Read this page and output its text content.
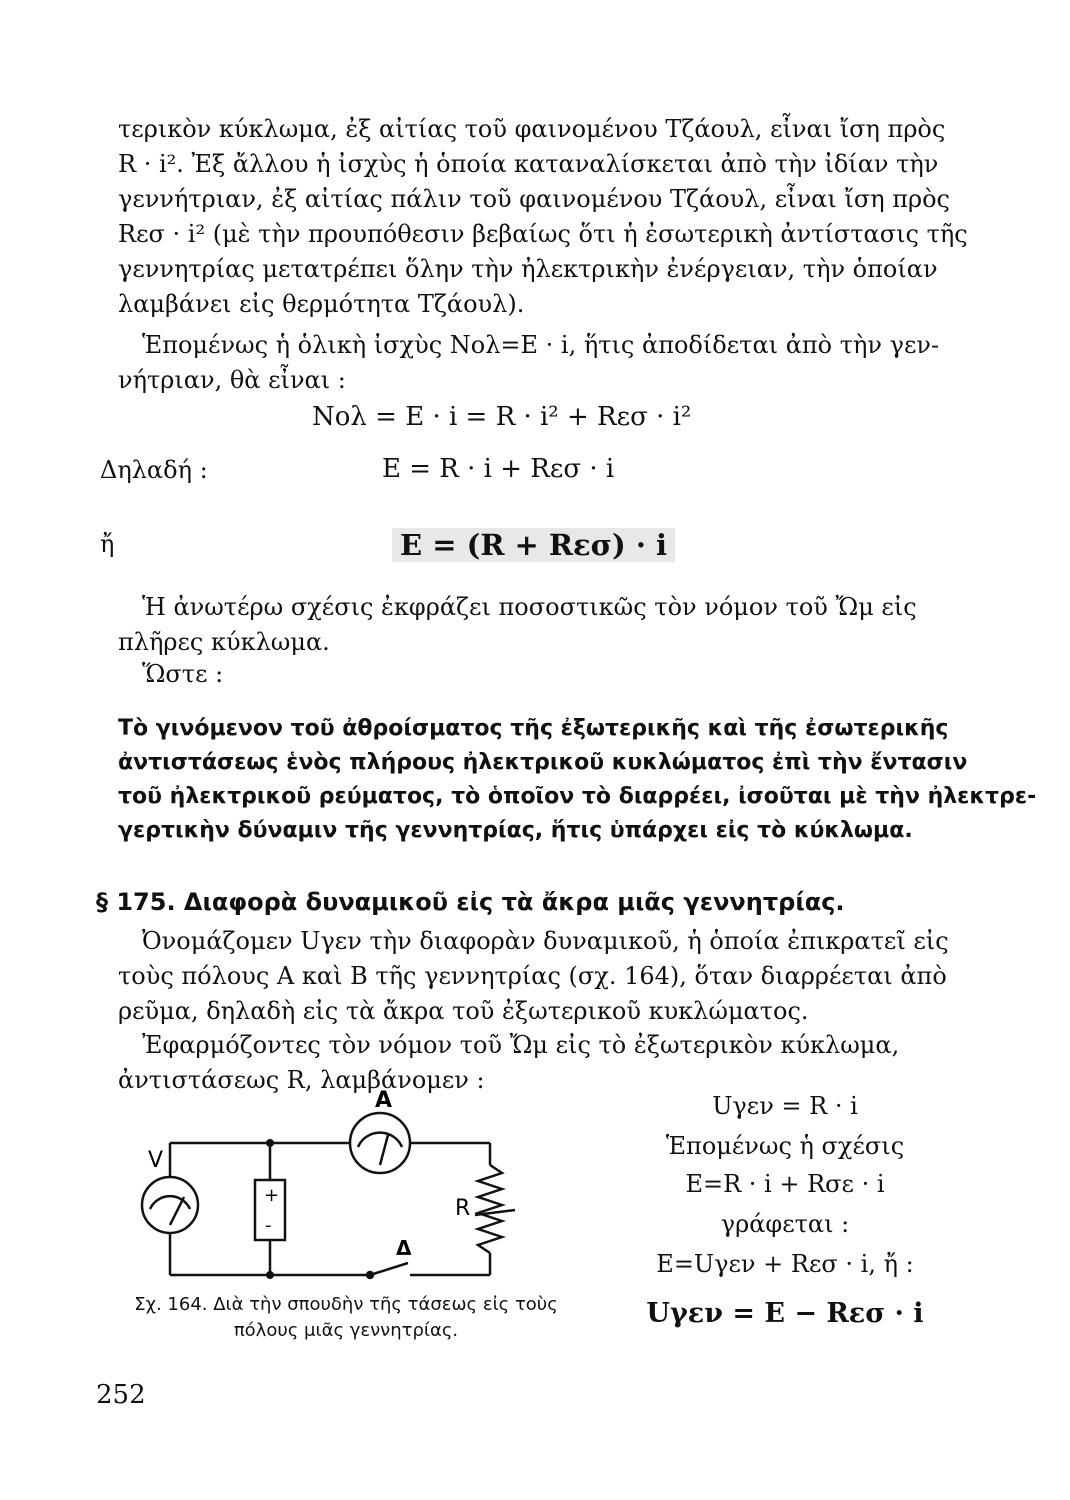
τερικὸν κύκλωμα, ἐξ αἰτίας τοῦ φαινομένου Τζάουλ, εἶναι ἴση πρὸς
R · i². Ἐξ ἄλλου ἡ ἰσχὺς ἡ ὁποία καταναλίσκεται ἀπὸ τὴν ἰδίαν τὴν
γεννήτριαν, ἐξ αἰτίας πάλιν τοῦ φαινομένου Τζάουλ, εἶναι ἴση πρὸς
Rεσ · i² (μὲ τὴν προυπόθεσιν βεβαίως ὅτι ἡ ἐσωτερικὴ ἀντίστασις τῆς
γεννητρίας μετατρέπει ὅλην τὴν ἠλεκτρικὴν ἐνέργειαν, τὴν ὁποίαν
λαμβάνει εἰς θερμότητα Τζάουλ).
Ἑπομένως ἡ ὁλικὴ ἰσχὺς Nολ=E · i, ἥτις ἀποδίδεται ἀπὸ τὴν γεν-
νήτριαν, θὰ εἶναι :
Nολ = E · i = R · i² + Rεσ · i²
Δηλαδή :	E = R · i + Rεσ · i
ἤ	E = (R + Rεσ) · i
Ἡ ἀνωτέρω σχέσις ἐκφράζει ποσοστικῶς τὸν νόμον τοῦ Ὤμ εἰς
πλῆρες κύκλωμα.
Ὥστε :
Τὸ γινόμενον τοῦ ἀθροίσματος τῆς ἐξωτερικῆς καὶ τῆς ἐσωτερικῆς
ἀντιστάσεως ἑνὸς πλήρους ἠλεκτρικοῦ κυκλώματος ἐπὶ τὴν ἔντασιν
τοῦ ἠλεκτρικοῦ ρεύματος, τὸ ὁποῖον τὸ διαρρέει, ἰσοῦται μὲ τὴν ἠλεκτρε-
γερτικὴν δύναμιν τῆς γεννητρίας, ἥτις ὑπάρχει εἰς τὸ κύκλωμα.
§ 175. Διαφορὰ δυναμικοῦ εἰς τὰ ἄκρα μιᾶς γεννητρίας.
Ὀνομάζομεν Uγεν τὴν διαφορὰν δυναμικοῦ, ἡ ὁποία ἐπικρατεῖ εἰς
τοὺς πόλους Α καὶ Β τῆς γεννητρίας (σχ. 164), ὅταν διαρρέεται ἀπὸ
ρεῦμα, δηλαδὴ εἰς τὰ ἄκρα τοῦ ἐξωτερικοῦ κυκλώματος.
Ἐφαρμόζοντες τὸν νόμον τοῦ Ὤμ εἰς τὸ ἐξωτερικὸν κύκλωμα,
ἀντιστάσεως R, λαμβάνομεν :
Uγεν = R · i
Ἑπομένως ἡ σχέσις
E=R · i + Rσε · i
γράφεται :
E=Uγεν + Rεσ · i, ἤ :
Uγεν = E − Rεσ · i
A
V
R
Δ
+
-
Σχ. 164. Διὰ τὴν σπουδὴν τῆς τάσεως εἰς τοὺς
πόλους μιᾶς γεννητρίας.
252
